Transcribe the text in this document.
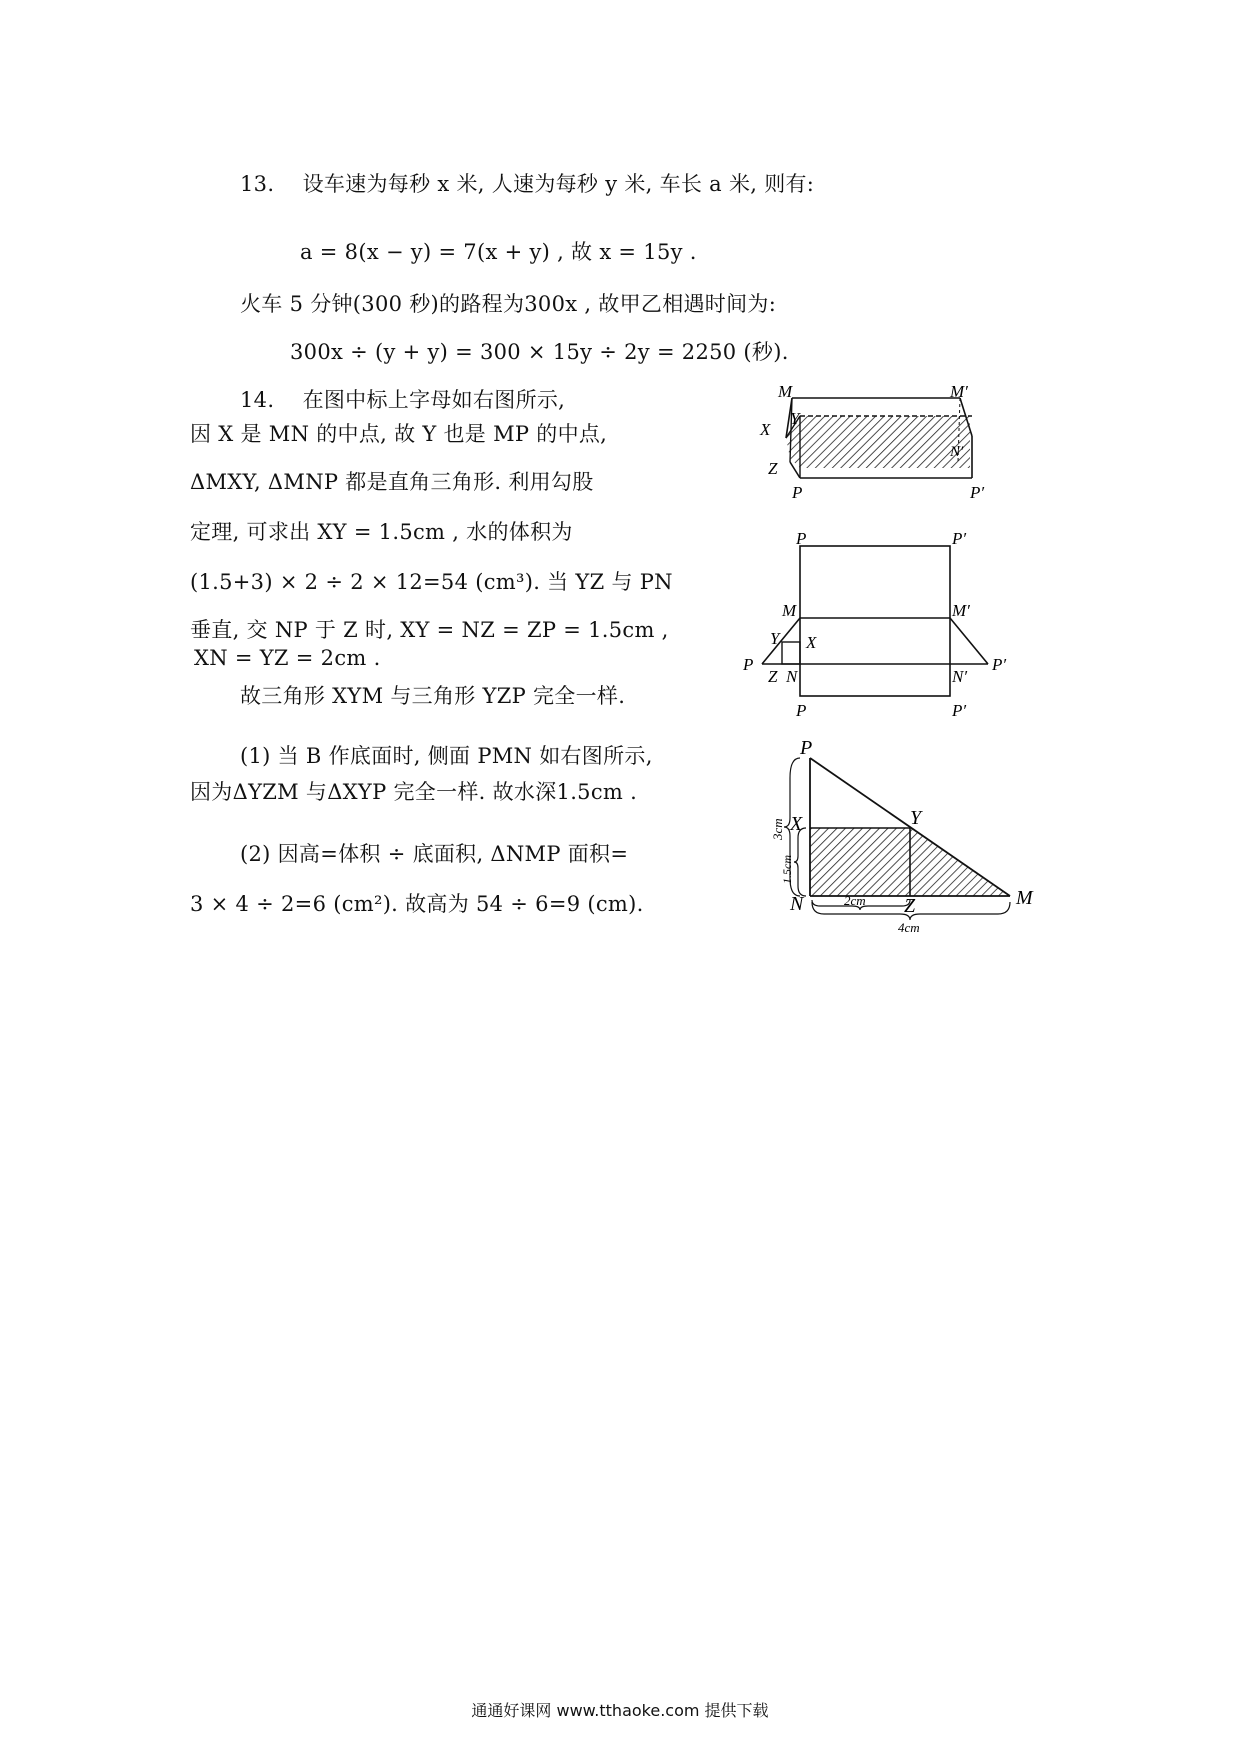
13.　 设车速为每秒 x 米, 人速为每秒 y 米, 车长 a 米, 则有:
a = 8(x − y) = 7(x + y) , 故 x = 15y .
火车 5 分钟(300 秒)的路程为300x , 故甲乙相遇时间为:
300x ÷ (y + y) = 300 × 15y ÷ 2y = 2250 (秒).
14.　 在图中标上字母如右图所示,
因 X 是 MN 的中点, 故 Y 也是 MP 的中点,
ΔMXY, ΔMNP 都是直角三角形. 利用勾股
定理, 可求出 XY = 1.5cm , 水的体积为
(1.5+3) × 2 ÷ 2 × 12=54 (cm³). 当 YZ 与 PN
垂直, 交 NP 于 Z 时, XY = NZ = ZP = 1.5cm ,
XN = YZ = 2cm .
故三角形 XYM 与三角形 YZP 完全一样.
(1) 当 B 作底面时, 侧面 PMN 如右图所示,
因为ΔYZM 与ΔXYP 完全一样. 故水深1.5cm .
(2) 因高=体积 ÷ 底面积, ΔNMP 面积=
3 × 4 ÷ 2=6 (cm²). 故高为 54 ÷ 6=9 (cm).
M	M′
X
Y
N′
Z
P	P′
P	P′
M	M′
Y X
P
Z N	N′
P′
P	P′
P
Y
X
N	Z	M
3cm
1.5cm
2cm
4cm
通通好课网 www.tthaoke.com 提供下载
